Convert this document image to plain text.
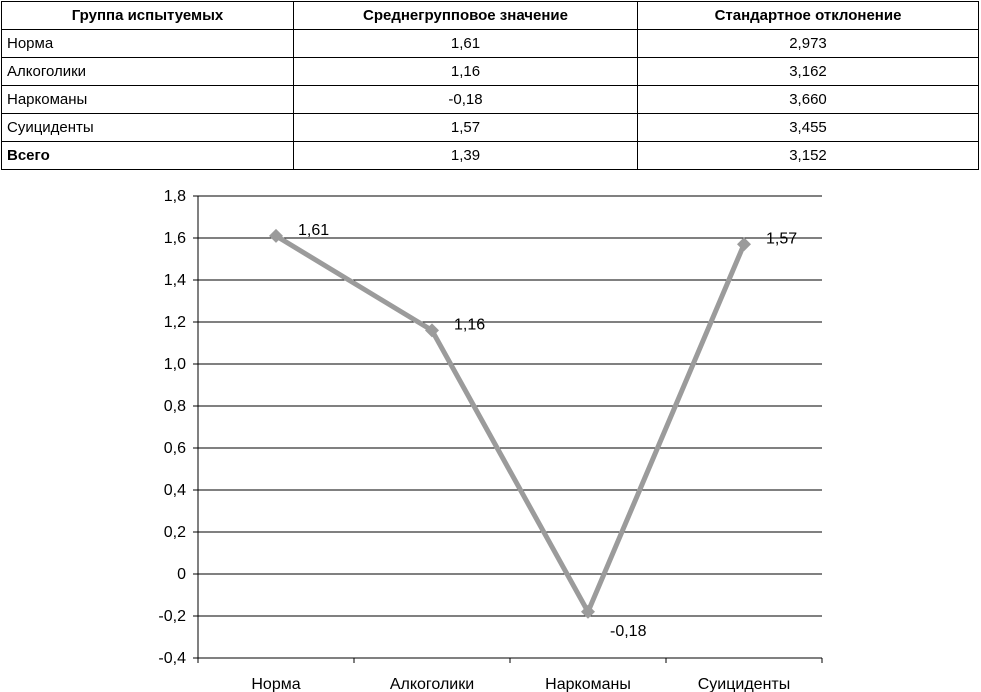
Группа испытуемых	Среднегрупповое значение	Стандартное отклонение
Норма	1,61	2,973
Алкоголики	1,16	3,162
Наркоманы	-0,18	3,660
Суициденты	1,57	3,455
Всего	1,39	3,152
1,8
1,6
1,4
1,2
1,0
0,8
0,6
0,4
0,2
0
-0,2
-0,4
Норма	Алкоголики	Наркоманы	Суициденты
1,61
1,16
-0,18
1,57
